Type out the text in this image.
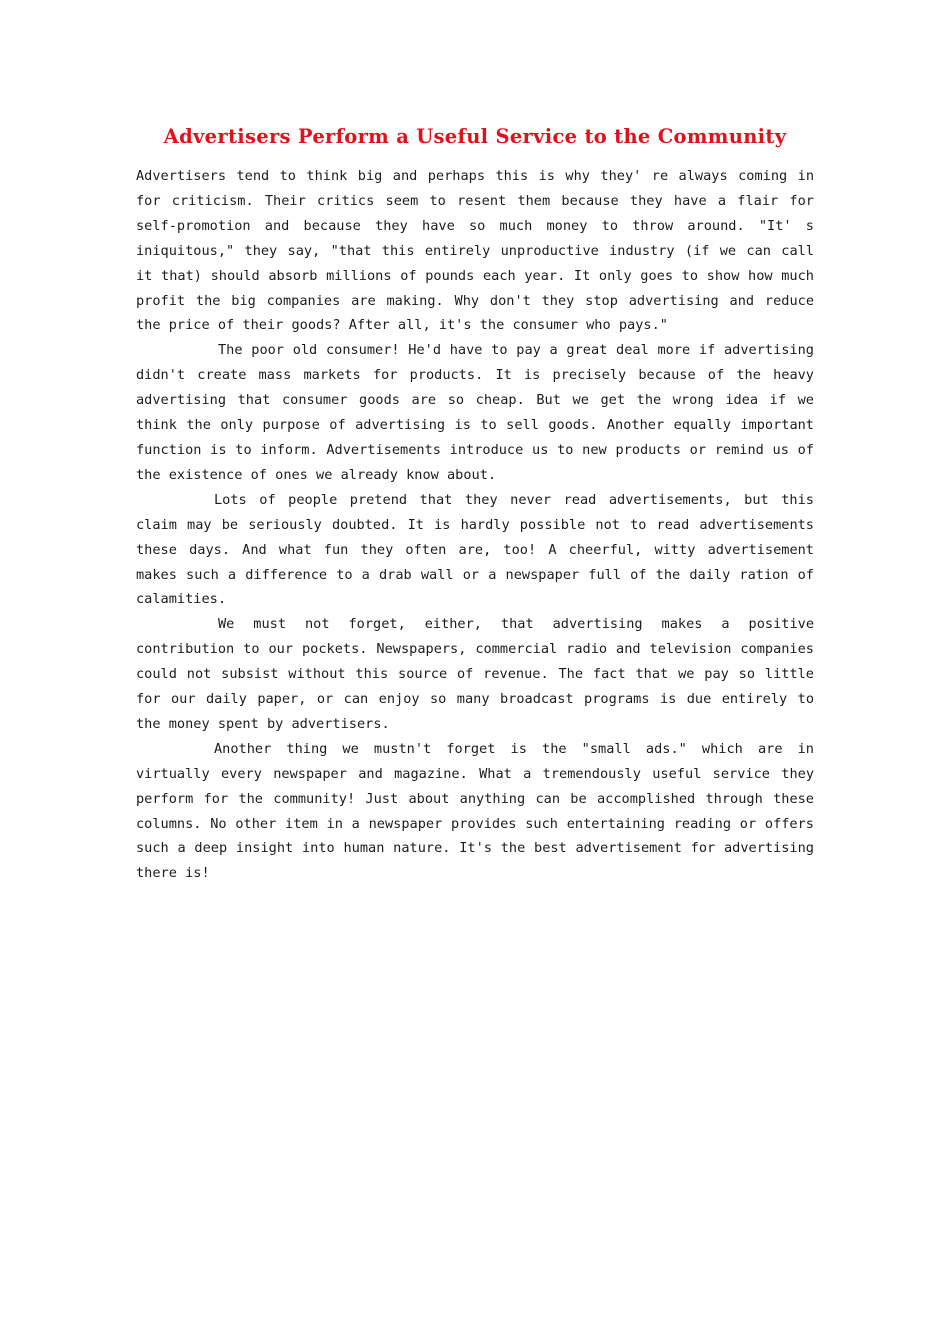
Advertisers Perform a Useful Service to the Community

Advertisers tend to think big and perhaps this is why they' re always coming in for criticism. Their critics seem to resent them because they have a flair for self-promotion and because they have so much money to throw around. "It' s iniquitous," they say, "that this entirely unproductive industry (if we can call it that) should absorb millions of pounds each year. It only goes to show how much profit the big companies are making. Why don't they stop advertising and reduce the price of their goods? After all, it's the consumer who pays."

The poor old consumer! He'd have to pay a great deal more if advertising didn't create mass markets for products. It is precisely because of the heavy advertising that consumer goods are so cheap. But we get the wrong idea if we think the only purpose of advertising is to sell goods. Another equally important function is to inform. Advertisements introduce us to new products or remind us of the existence of ones we already know about.

Lots of people pretend that they never read advertisements, but this claim may be seriously doubted. It is hardly possible not to read advertisements these days. And what fun they often are, too! A cheerful, witty advertisement makes such a difference to a drab wall or a newspaper full of the daily ration of calamities.

We must not forget, either, that advertising makes a positive contribution to our pockets. Newspapers, commercial radio and television companies could not subsist without this source of revenue. The fact that we pay so little for our daily paper, or can enjoy so many broadcast programs is due entirely to the money spent by advertisers.

Another thing we mustn't forget is the "small ads." which are in virtually every newspaper and magazine. What a tremendously useful service they perform for the community! Just about anything can be accomplished through these columns. No other item in a newspaper provides such entertaining reading or offers such a deep insight into human nature. It's the best advertisement for advertising there is!
